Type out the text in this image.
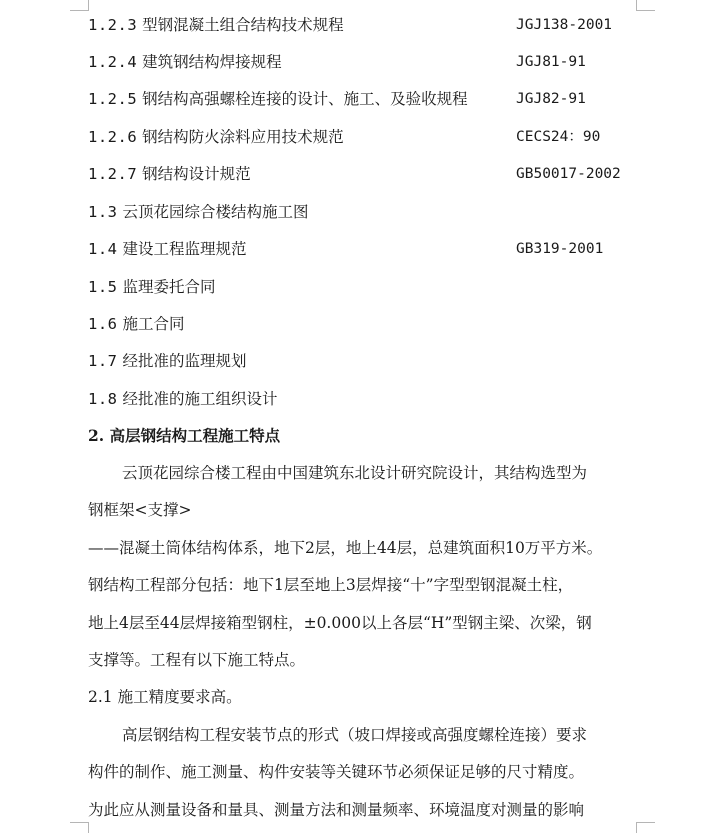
1.2.3 型钢混凝土组合结构技术规程	JGJ138-2001
1.2.4 建筑钢结构焊接规程	JGJ81-91
1.2.5 钢结构高强螺栓连接的设计、施工、及验收规程	JGJ82-91
1.2.6 钢结构防火涂料应用技术规范	CECS24：90
1.2.7 钢结构设计规范	GB50017-2002
1.3 云顶花园综合楼结构施工图
1.4 建设工程监理规范	GB319-2001
1.5 监理委托合同
1.6 施工合同
1.7 经批准的监理规划
1.8 经批准的施工组织设计
2. 高层钢结构工程施工特点
云顶花园综合楼工程由中国建筑东北设计研究院设计，其结构选型为
钢框架<支撑>
——混凝土筒体结构体系，地下2层，地上44层，总建筑面积10万平方米。
钢结构工程部分包括：地下1层至地上3层焊接“十”字型型钢混凝土柱，
地上4层至44层焊接箱型钢柱，±0.000以上各层“H”型钢主梁、次梁，钢
支撑等。工程有以下施工特点。
2.1 施工精度要求高。
高层钢结构工程安装节点的形式（坡口焊接或高强度螺栓连接）要求
构件的制作、施工测量、构件安装等关键环节必须保证足够的尺寸精度。
为此应从测量设备和量具、测量方法和测量频率、环境温度对测量的影响
